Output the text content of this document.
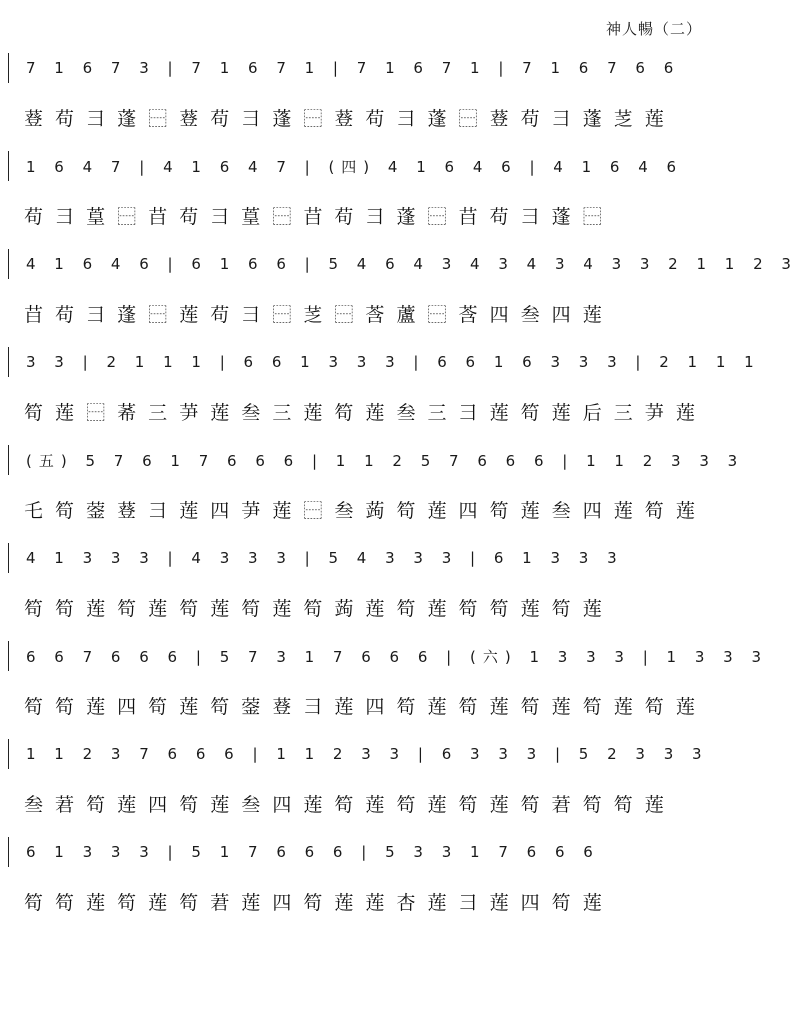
神人暢（二）
7 1 6 7 3 | 7 1 6 7 1 | 7 1 6 7 1 | 7 1 6 7 6 6
䔲 苟 彐 蓬 ⿱ 䔲 苟 彐 蓬 ⿱ 䔲 苟 彐 蓬 ⿱ 䔲 苟 彐 蓬 䒦 莲
1 6 4 7 | 4 1 6 4 7 | (四) 4 1 6 4 6 | 4 1 6 4 6
苟 彐 葟 ⿱ 䒤 苟 彐 葟 ⿱ 䒤 苟 彐 蓬 ⿱ 䒤 苟 彐 蓬 ⿱
4 1 6 4 6 | 6 1 6 6 | 5 4 6 4 3 4 3 4 3 4 3 3 2 1 1 2 3
䒤 苟 彐 蓬 ⿱ 莲 苟 彐 ⿱ 䒦 ⿱ 莟 蘆 ⿱ 莟 四 叁 四 莲
3 3 | 2 1 1 1 | 6 6 1 3 3 3 | 6 6 1 6 3 3 3 | 2 1 1 1
笱 莲 ⿱ 莃 三 芛 莲 叁 三 莲 笱 莲 叁 三 彐 莲 笱 莲 后 三 芛 莲
(五) 5 7 6 1 7 6 6 6 | 1 1 2 5 7 6 6 6 | 1 1 2 3 3 3
乇 笱 蓥 䔲 彐 莲 四 芛 莲 ⿱ 叁 蒟 笱 莲 四 笱 莲 叁 四 莲 笱 莲
4 1 3 3 3 | 4 3 3 3 | 5 4 3 3 3 | 6 1 3 3 3
笱 笱 莲 笱 莲 笱 莲 笱 莲 笱 蒟 莲 笱 莲 笱 笱 莲 笱 莲
6 6 7 6 6 6 | 5 7 3 1 7 6 6 6 | (六) 1 3 3 3 | 1 3 3 3
笱 笱 莲 四 笱 莲 笱 蓥 䔲 彐 莲 四 笱 莲 笱 莲 笱 莲 笱 莲 笱 莲
1 1 2 3 7 6 6 6 | 1 1 2 3 3 | 6 3 3 3 | 5 2 3 3 3
叁 莙 笱 莲 四 笱 莲 叁 四 莲 笱 莲 笱 莲 笱 莲 笱 莙 笱 笱 莲
6 1 3 3 3 | 5 1 7 6 6 6 | 5 3 3 1 7 6 6 6
笱 笱 莲 笱 莲 笱 莙 莲 四 笱 莲 莲 杏 莲 彐 莲 四 笱 莲
